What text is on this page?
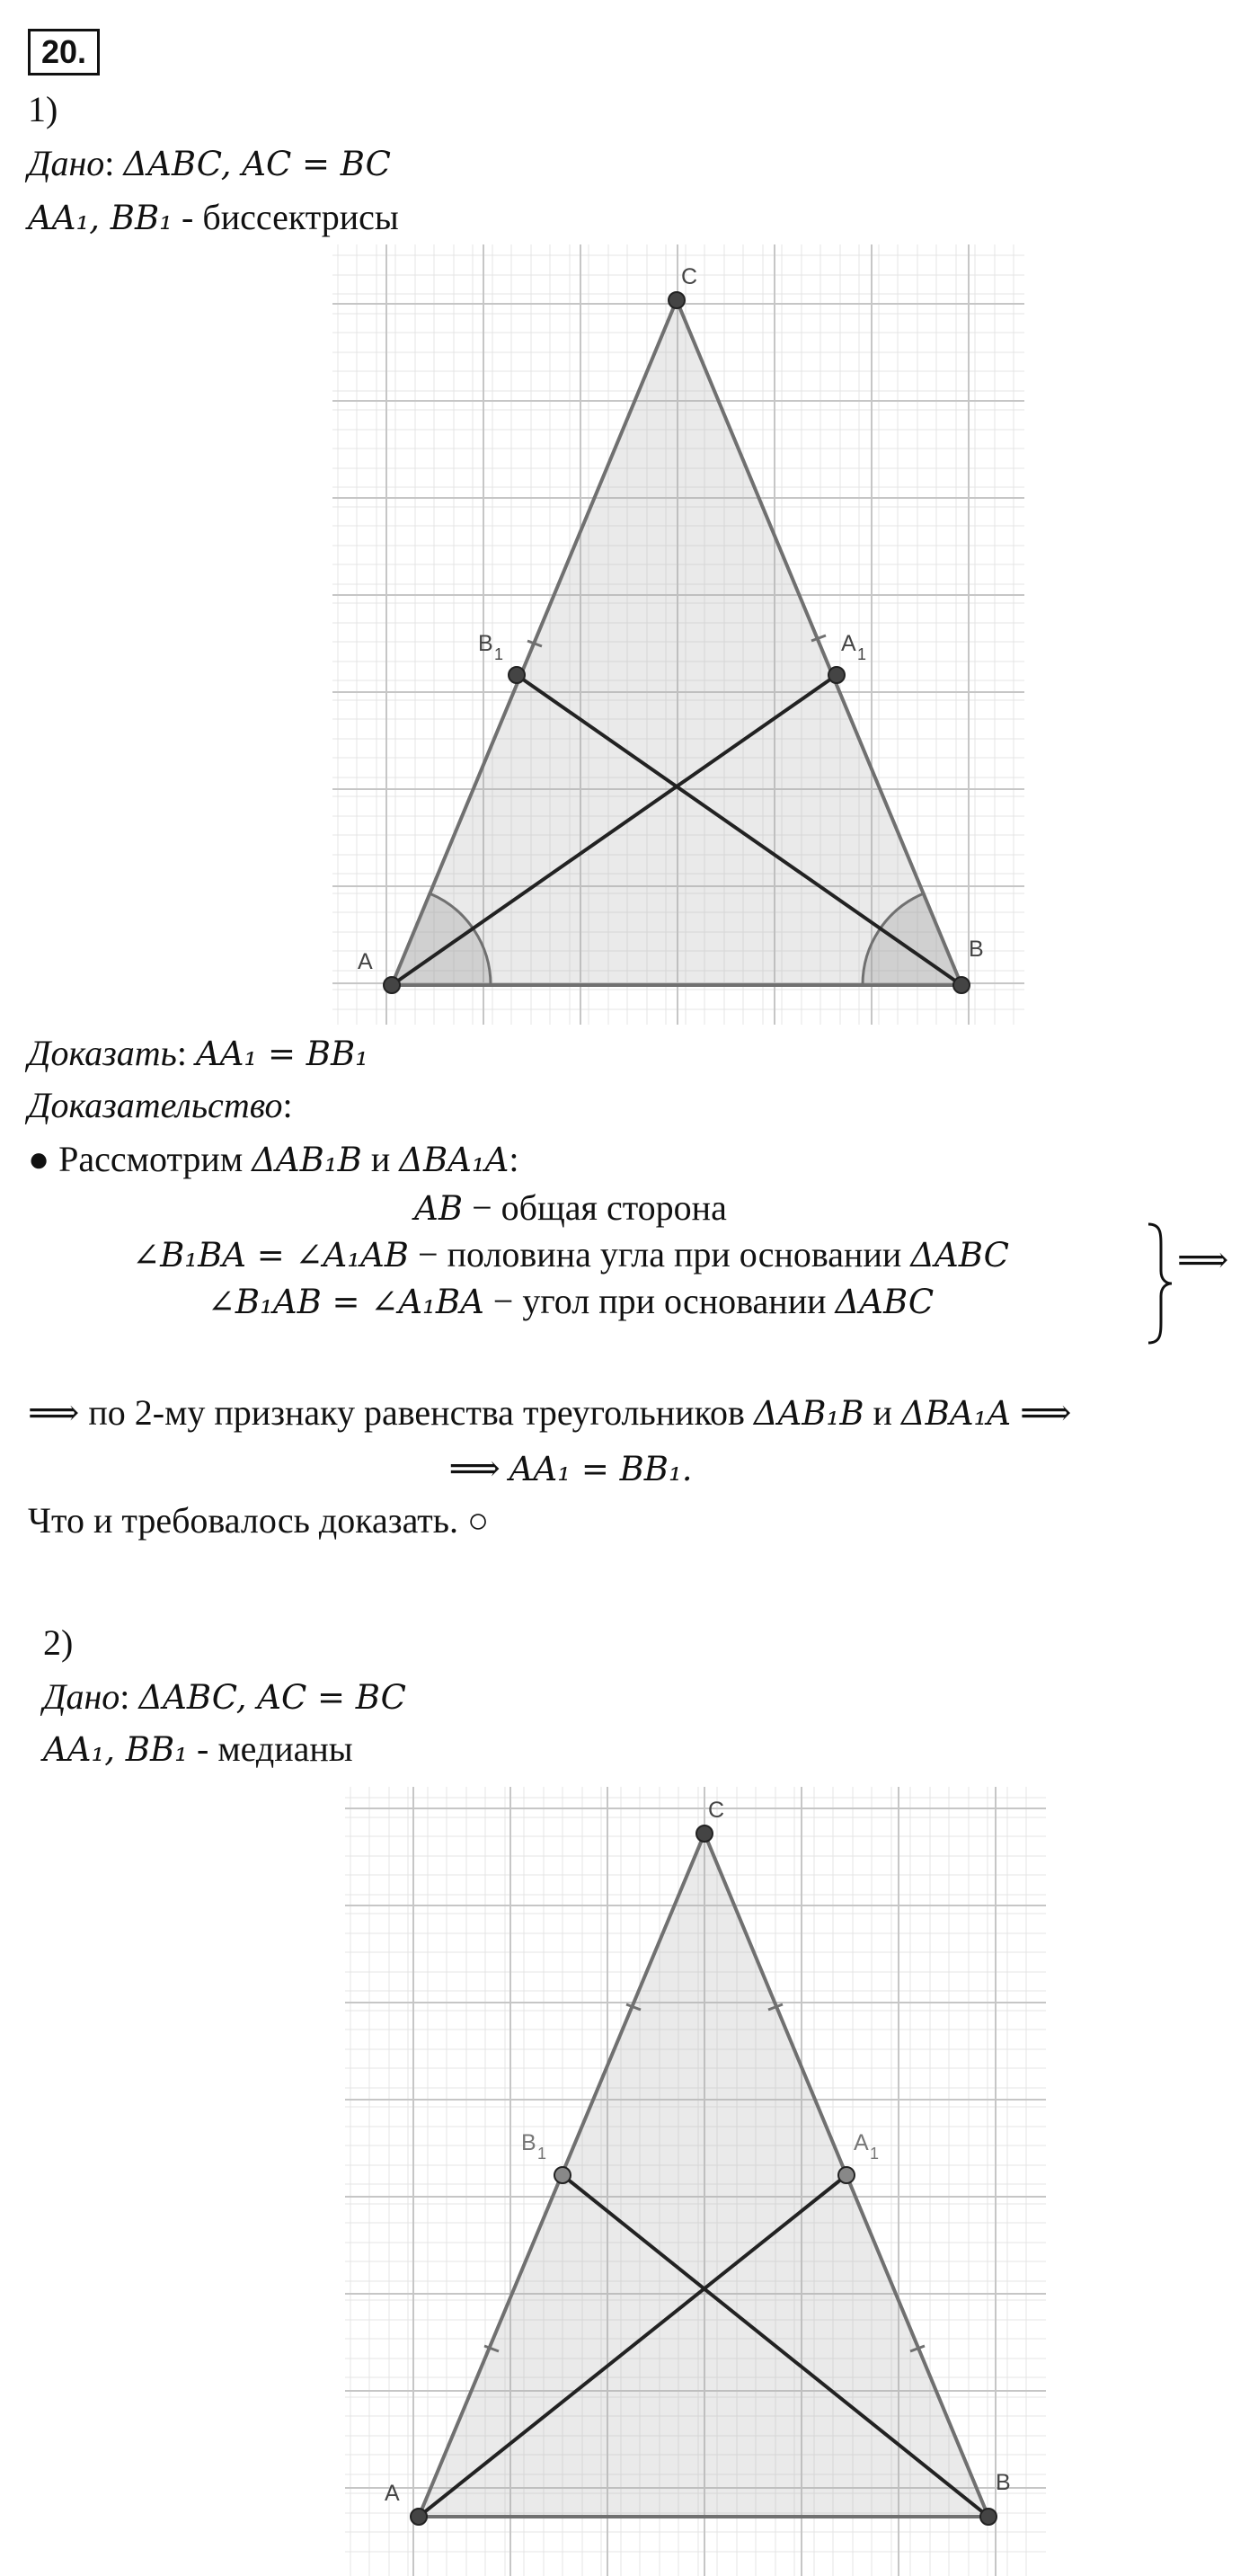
20.
1)
Дано: ΔABC, AC = BC
AA₁, BB₁ - биссектрисы
A	B
C
B 1	A 1
Доказать: AA₁ = BB₁
Доказательство:
● Рассмотрим ΔAB₁B и ΔBA₁A:
AB − общая сторона
∠B₁BA = ∠A₁AB − половина угла при основании ΔABC
∠B₁AB = ∠A₁BA − угол при основании ΔABC
⟹
⟹ по 2-му признаку равенства треугольников ΔAB₁B и ΔBA₁A ⟹
⟹ AA₁ = BB₁.
Что и требовалось доказать. ○
2)
Дано: ΔABC, AC = BC
AA₁, BB₁ - медианы
A	B
C
B 1	A 1
